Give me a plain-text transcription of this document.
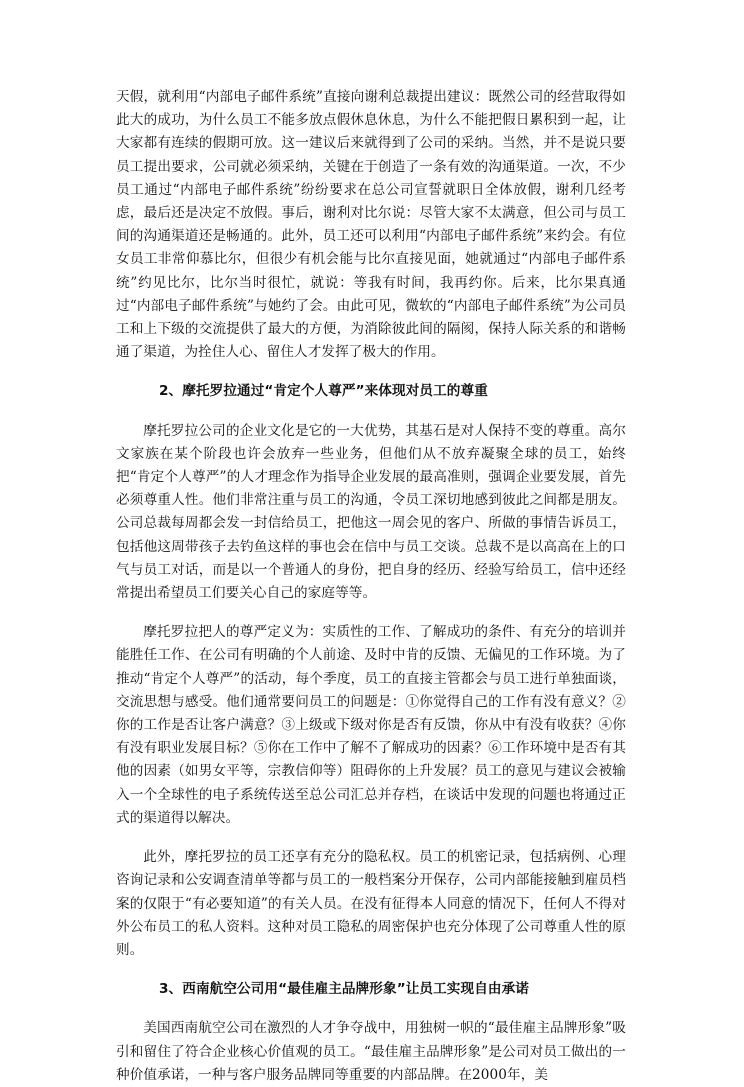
天假，就利用“内部电子邮件系统”直接向谢利总裁提出建议：既然公司的经营取得如此大的成功，为什么员工不能多放点假休息休息，为什么不能把假日累积到一起，让大家都有连续的假期可放。这一建议后来就得到了公司的采纳。当然，并不是说只要员工提出要求，公司就必须采纳，关键在于创造了一条有效的沟通渠道。一次，不少员工通过“内部电子邮件系统”纷纷要求在总公司宣誓就职日全体放假，谢利几经考虑，最后还是决定不放假。事后，谢利对比尔说：尽管大家不太满意，但公司与员工间的沟通渠道还是畅通的。此外，员工还可以利用“内部电子邮件系统”来约会。有位女员工非常仰慕比尔，但很少有机会能与比尔直接见面，她就通过“内部电子邮件系统”约见比尔，比尔当时很忙，就说：等我有时间，我再约你。后来，比尔果真通过“内部电子邮件系统”与她约了会。由此可见，微软的“内部电子邮件系统”为公司员工和上下级的交流提供了最大的方便，为消除彼此间的隔阂，保持人际关系的和谐畅通了渠道，为拴住人心、留住人才发挥了极大的作用。

2、摩托罗拉通过“肯定个人尊严”来体现对员工的尊重

摩托罗拉公司的企业文化是它的一大优势，其基石是对人保持不变的尊重。高尔文家族在某个阶段也许会放弃一些业务，但他们从不放弃凝聚全球的员工，始终把“肯定个人尊严”的人才理念作为指导企业发展的最高准则，强调企业要发展，首先必须尊重人性。他们非常注重与员工的沟通，令员工深切地感到彼此之间都是朋友。公司总裁每周都会发一封信给员工，把他这一周会见的客户、所做的事情告诉员工，包括他这周带孩子去钓鱼这样的事也会在信中与员工交谈。总裁不是以高高在上的口气与员工对话，而是以一个普通人的身份，把自身的经历、经验写给员工，信中还经常提出希望员工们要关心自己的家庭等等。

摩托罗拉把人的尊严定义为：实质性的工作、了解成功的条件、有充分的培训并能胜任工作、在公司有明确的个人前途、及时中肯的反馈、无偏见的工作环境。为了推动“肯定个人尊严”的活动，每个季度，员工的直接主管都会与员工进行单独面谈，交流思想与感受。他们通常要问员工的问题是：①你觉得自己的工作有没有意义？②你的工作是否让客户满意？③上级或下级对你是否有反馈，你从中有没有收获？④你有没有职业发展目标？⑤你在工作中了解不了解成功的因素？⑥工作环境中是否有其他的因素（如男女平等，宗教信仰等）阻碍你的上升发展？员工的意见与建议会被输入一个全球性的电子系统传送至总公司汇总并存档，在谈话中发现的问题也将通过正式的渠道得以解决。

此外，摩托罗拉的员工还享有充分的隐私权。员工的机密记录，包括病例、心理咨询记录和公安调查清单等都与员工的一般档案分开保存，公司内部能接触到雇员档案的仅限于“有必要知道”的有关人员。在没有征得本人同意的情况下，任何人不得对外公布员工的私人资料。这种对员工隐私的周密保护也充分体现了公司尊重人性的原则。

3、西南航空公司用“最佳雇主品牌形象”让员工实现自由承诺

美国西南航空公司在激烈的人才争夺战中，用独树一帜的“最佳雇主品牌形象”吸引和留住了符合企业核心价值观的员工。“最佳雇主品牌形象”是公司对员工做出的一种价值承诺，一种与客户服务品牌同等重要的内部品牌。在2000年，美
